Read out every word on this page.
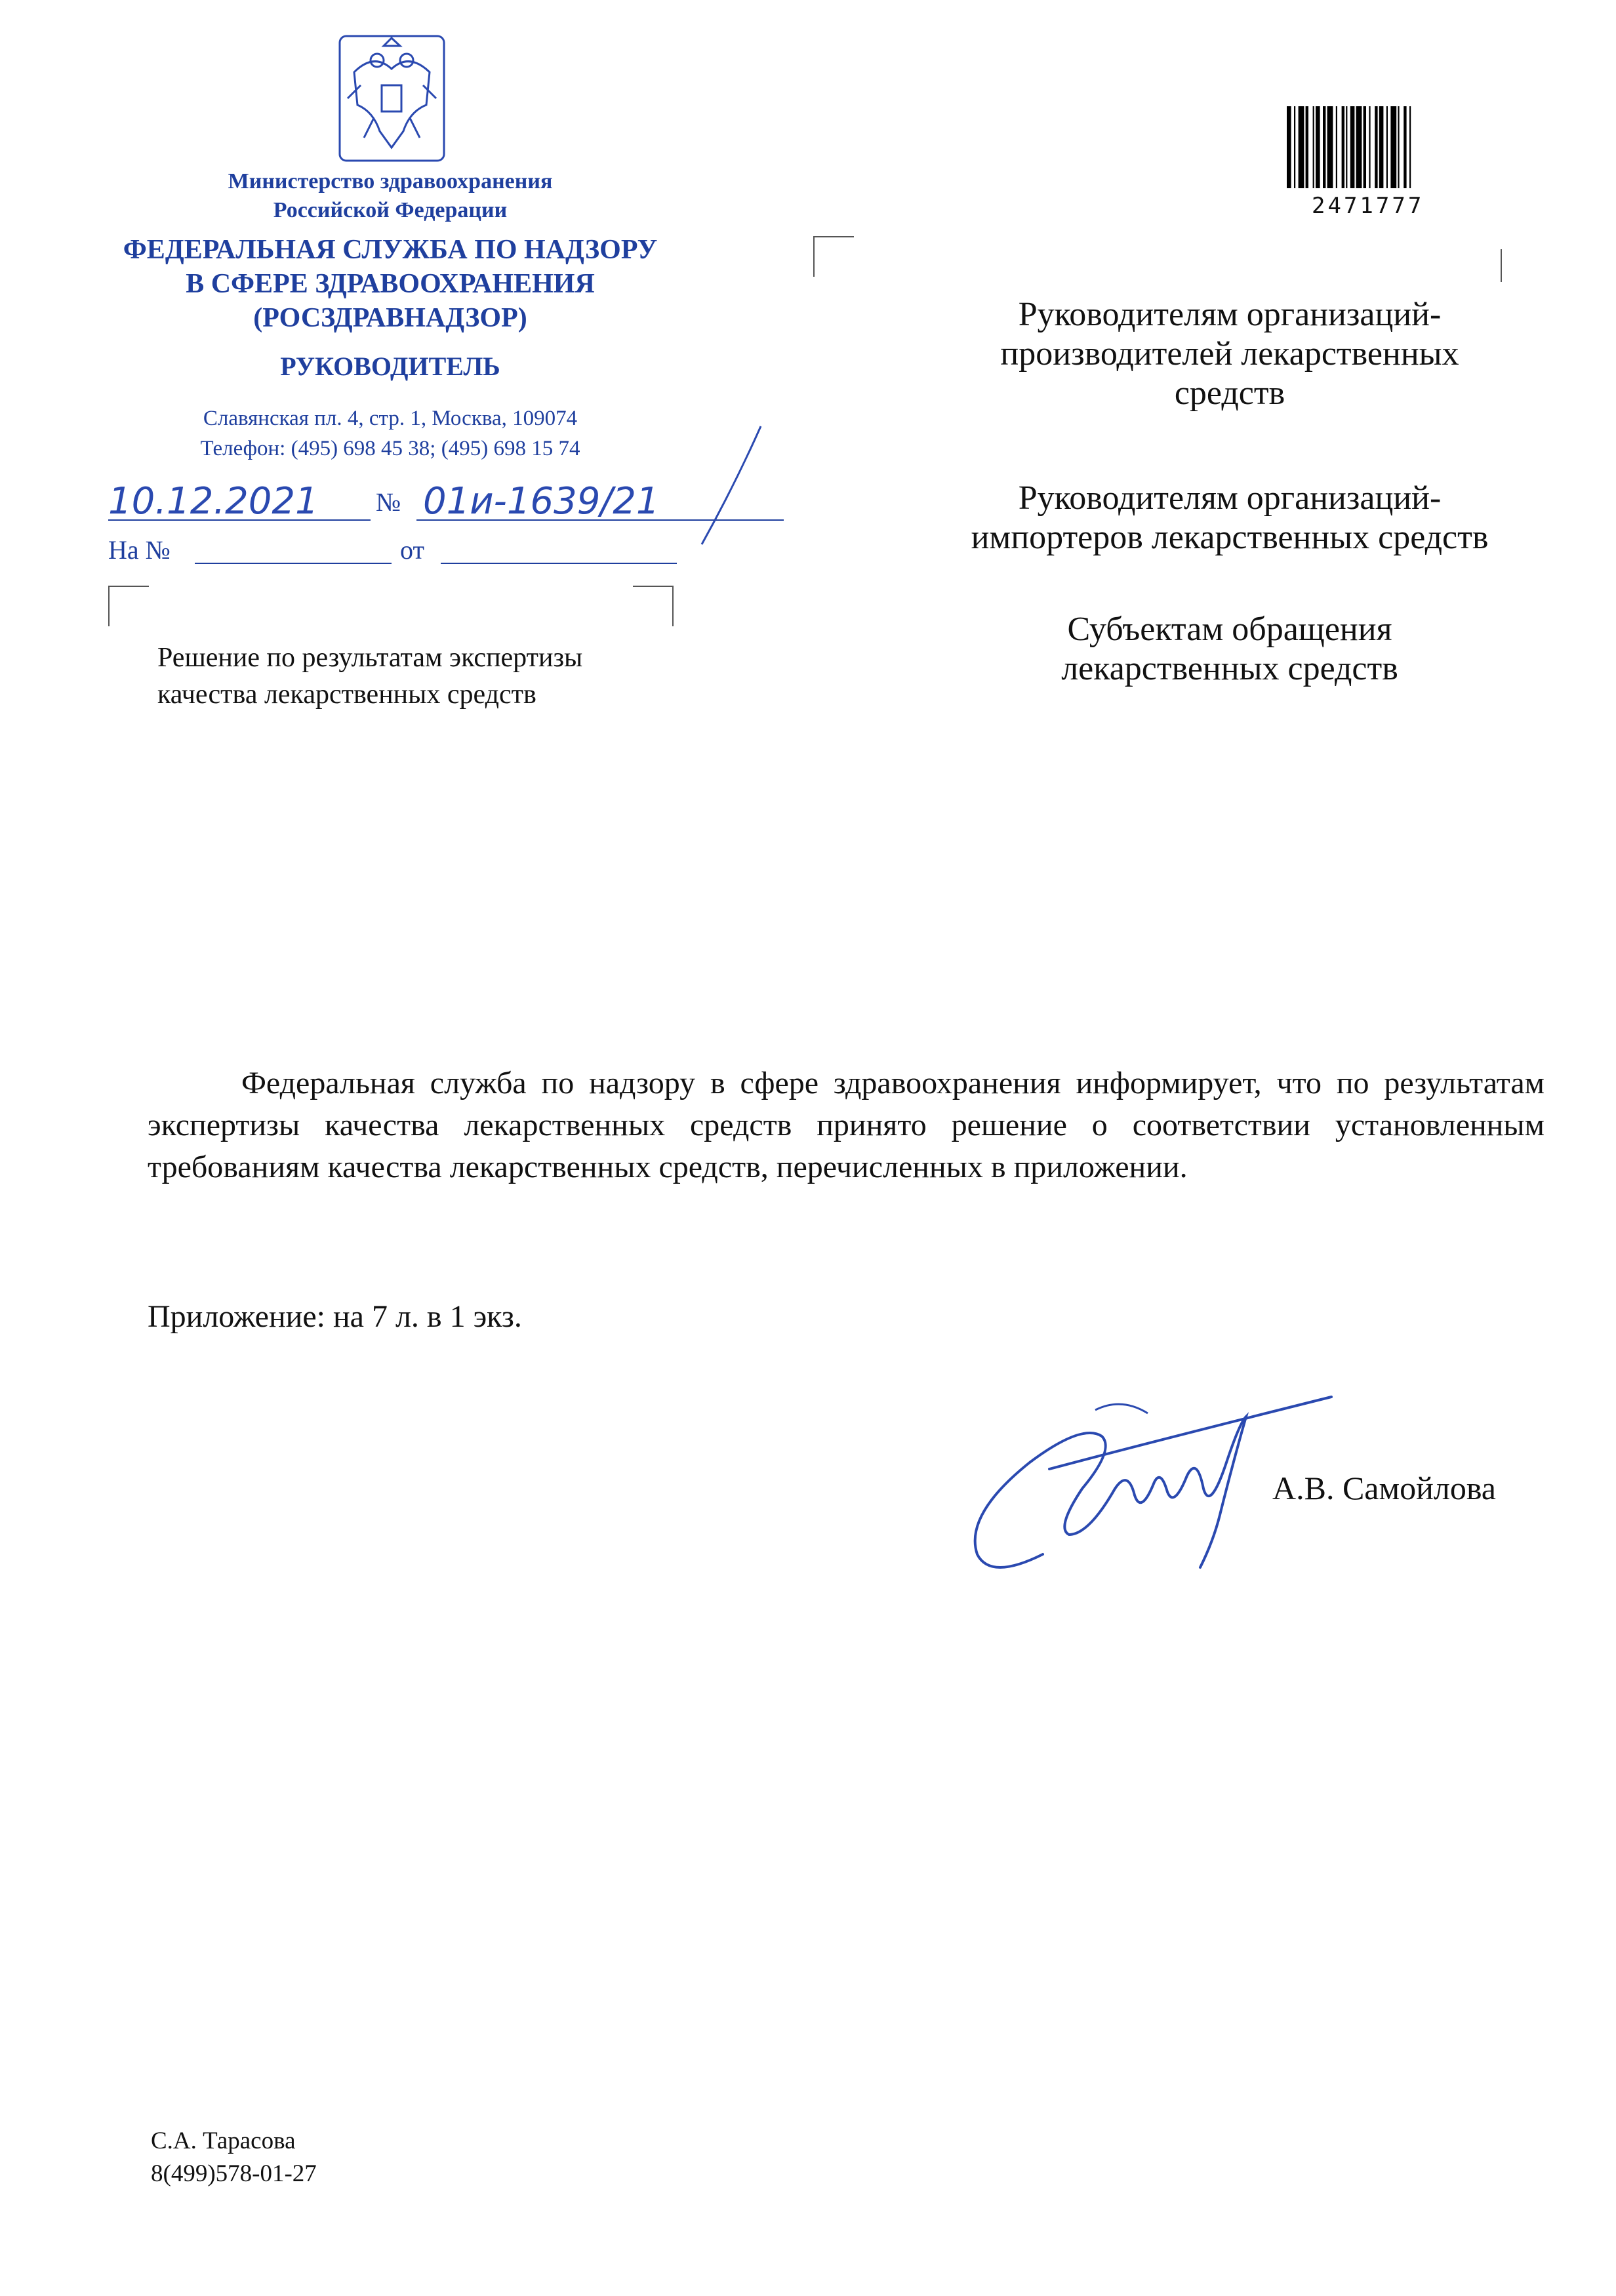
Министерство здравоохранения
Российской Федерации
ФЕДЕРАЛЬНАЯ СЛУЖБА ПО НАДЗОРУ
В СФЕРЕ ЗДРАВООХРАНЕНИЯ
(РОСЗДРАВНАДЗОР)
РУКОВОДИТЕЛЬ
Славянская пл. 4, стр. 1, Москва, 109074
Телефон: (495) 698 45 38; (495) 698 15 74
10.12.2021 № 01и-1639/21
На №	от
Решение по результатам экспертизы
качества лекарственных средств
2471777
Руководителям организаций-
производителей лекарственных
средств
Руководителям организаций-
импортеров лекарственных средств
Субъектам обращения
лекарственных средств
Федеральная служба по надзору в сфере здравоохранения информирует, что по результатам экспертизы качества лекарственных средств принято решение о соответствии установленным требованиям качества лекарственных средств, перечисленных в приложении.
Приложение: на 7 л. в 1 экз.
А.В. Самойлова
С.А. Тарасова
8(499)578-01-27
